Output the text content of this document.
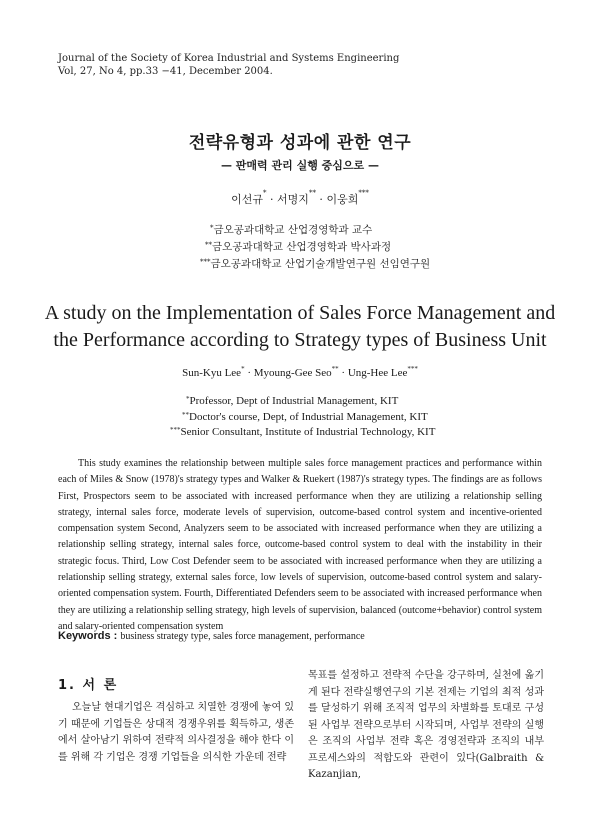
Journal of the Society of Korea Industrial and Systems Engineering
Vol, 27, No 4, pp.33 −41, December 2004.
전략유형과 성과에 관한 연구
— 판매력 관리 실행 중심으로 —
이선규* · 서명지** · 이웅희***
*금오공과대학교 산업경영학과 교수
**금오공과대학교 산업경영학과 박사과정
***금오공과대학교 산업기술개발연구원 선임연구원
A study on the Implementation of Sales Force Management and
the Performance according to Strategy types of Business Unit
Sun-Kyu Lee* · Myoung-Gee Seo** · Ung-Hee Lee***
*Professor, Dept of Industrial Management, KIT
**Doctor's course, Dept, of Industrial Management, KIT
***Senior Consultant, Institute of Industrial Technology, KIT
This study examines the relationship between multiple sales force management practices and performance within each of Miles & Snow (1978)'s strategy types and Walker & Ruekert (1987)'s strategy types. The findings are as follows First, Prospectors seem to be associated with increased performance when they are utilizing a relationship selling strategy, internal sales force, moderate levels of supervision, outcome-based control system and incentive-oriented compensation system Second, Analyzers seem to be associated with increased performance when they are utilizing a relationship selling strategy, internal sales force, outcome-based control system to deal with the instability in their strategic focus. Third, Low Cost Defender seem to be associated with increased performance when they are utilizing a relationship selling strategy, external sales force, low levels of supervision, outcome-based control system and salary-oriented compensation system. Fourth, Differentiated Defenders seem to be associated with increased performance when they are utilizing a relationship selling strategy, high levels of supervision, balanced (outcome+behavior) control system and salary-oriented compensation system
Keywords : business strategy type, sales force management, performance
1. 서 론
오늘날 현대기업은 격심하고 치열한 경쟁에 놓여 있기 때문에 기업들은 상대적 경쟁우위를 획득하고, 생존에서 살아남기 위하여 전략적 의사결정을 해야 한다 이를 위해 각 기업은 경쟁 기업들을 의식한 가운데 전략
목표를 설정하고 전략적 수단을 강구하며, 실천에 옮기게 된다 전략실행연구의 기본 전제는 기업의 최적 성과를 달성하기 위해 조직적 업무의 차별화를 토대로 구성된 사업부 전략으로부터 시작되며, 사업부 전략의 실행은 조직의 사업부 전략 혹은 경영전략과 조직의 내부 프로세스와의 적합도와 관련이 있다(Galbraith & Kazanjian,
